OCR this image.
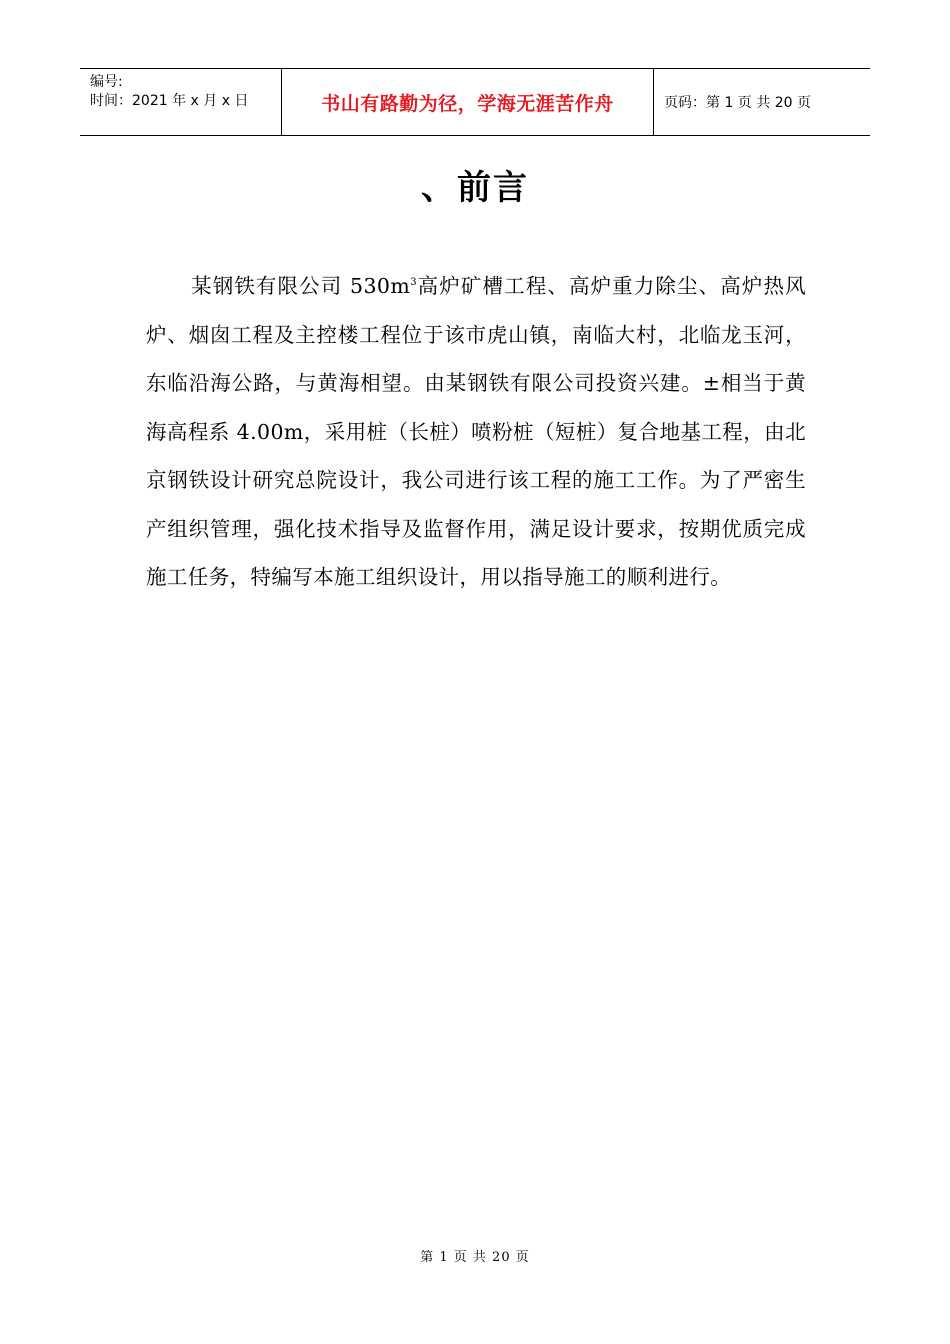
编号:
时间：2021 年 x 月 x 日	书山有路勤为径，学海无涯苦作舟	页码：第 1 页 共 20 页
、前言
某钢铁有限公司 $530m^3$高炉矿槽工程、高炉重力除尘、高炉热风炉、烟囱工程及主控楼工程位于该市虎山镇，南临大村，北临龙玉河，东临沿海公路，与黄海相望。由某钢铁有限公司投资兴建。±相当于黄海高程系 4.00m，采用桩（长桩）喷粉桩（短桩）复合地基工程，由北京钢铁设计研究总院设计，我公司进行该工程的施工工作。为了严密生产组织管理，强化技术指导及监督作用，满足设计要求，按期优质完成施工任务，特编写本施工组织设计，用以指导施工的顺利进行。
第 1 页 共 20 页
